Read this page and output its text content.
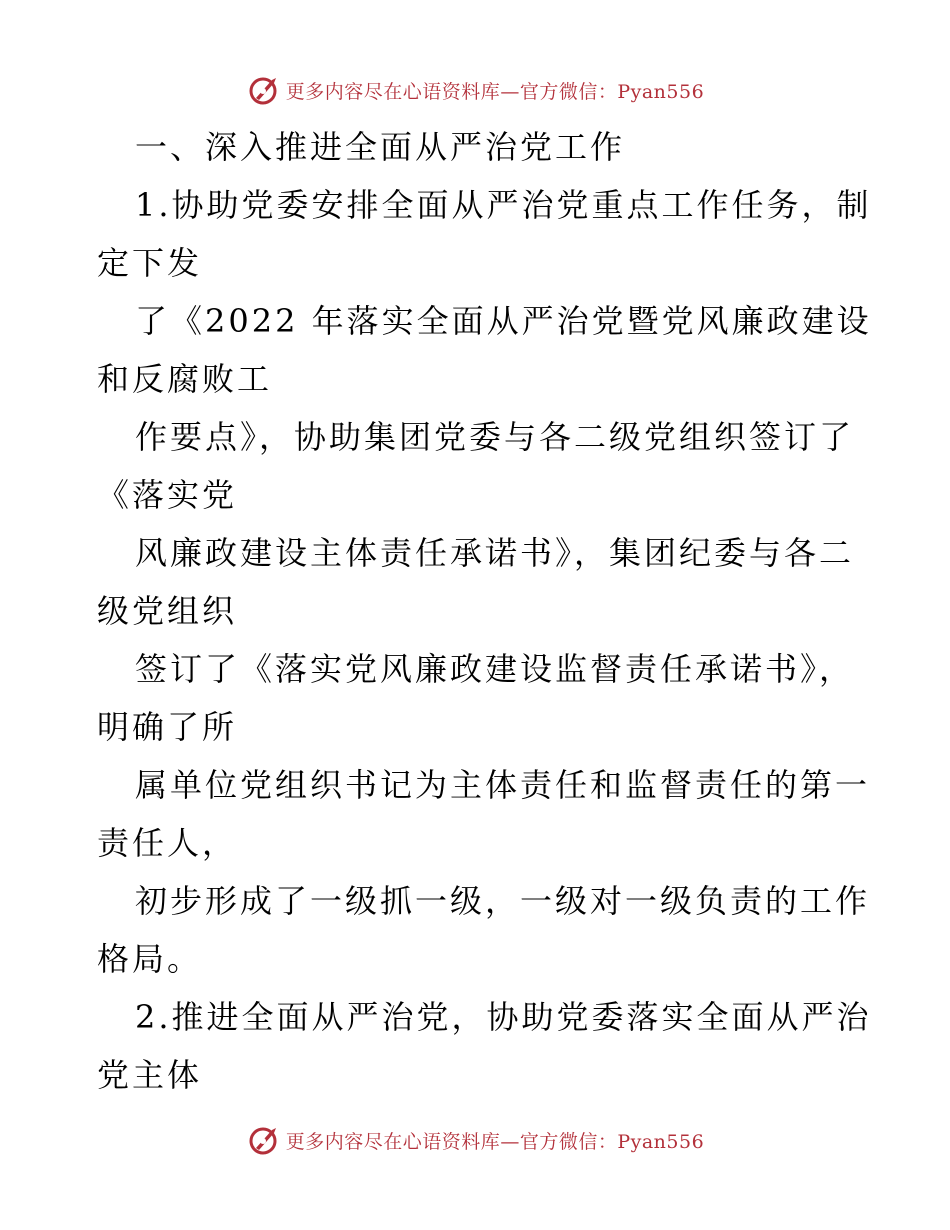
更多内容尽在心语资料库—官方微信：Pyan556
一、深入推进全面从严治党工作
1.协助党委安排全面从严治党重点工作任务，制
定下发
了《2022 年落实全面从严治党暨党风廉政建设
和反腐败工
作要点》，协助集团党委与各二级党组织签订了
《落实党
风廉政建设主体责任承诺书》，集团纪委与各二
级党组织
签订了《落实党风廉政建设监督责任承诺书》，
明确了所
属单位党组织书记为主体责任和监督责任的第一
责任人，
初步形成了一级抓一级，一级对一级负责的工作
格局。
2.推进全面从严治党，协助党委落实全面从严治
党主体
更多内容尽在心语资料库—官方微信：Pyan556
